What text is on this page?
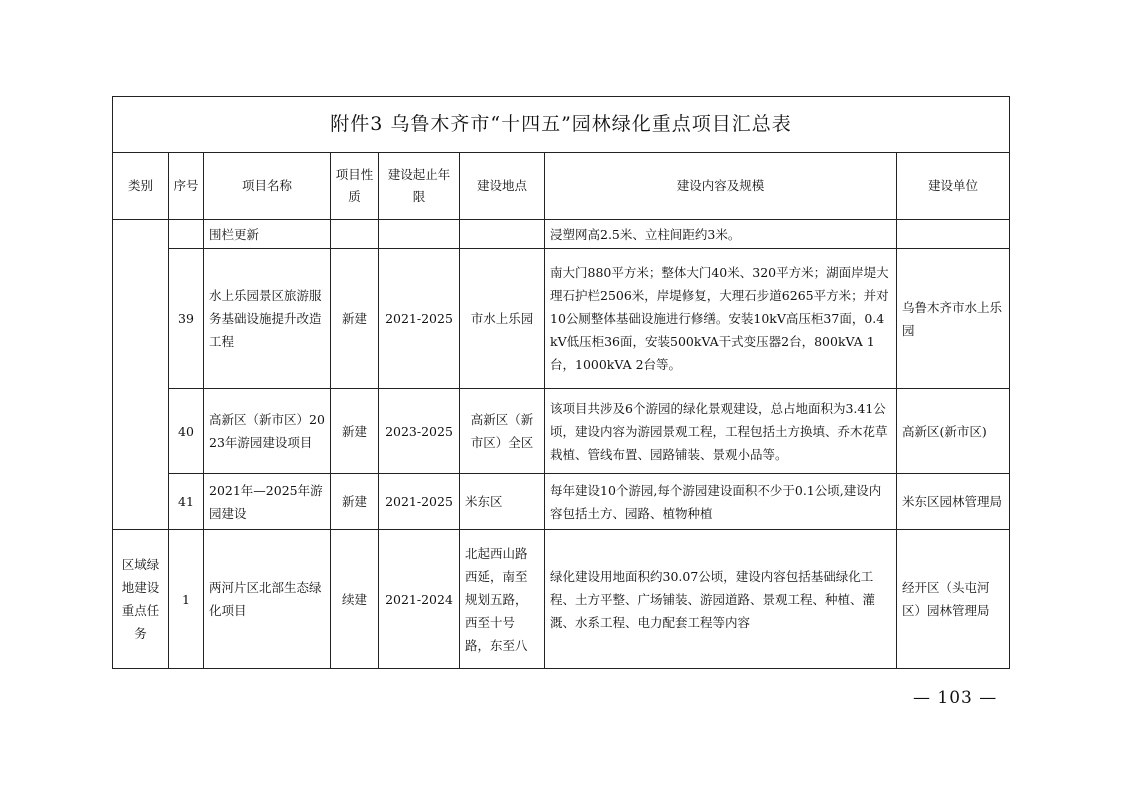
附件3 乌鲁木齐市“十四五”园林绿化重点项目汇总表							
类别	序号	项目名称	项目性质	建设起止年限	建设地点	建设内容及规模	建设单位
		围栏更新				浸塑网高2.5米、立柱间距约3米。	
	39	水上乐园景区旅游服务基础设施提升改造工程	新建	2021-2025	市水上乐园	南大门880平方米；整体大门40米、320平方米；湖面岸堤大理石护栏2506米，岸堤修复，大理石步道6265平方米；并对10公厕整体基础设施进行修缮。安装10kV高压柜37面，0.4kV低压柜36面，安装500kVA干式变压器2台，800kVA 1台，1000kVA 2台等。	乌鲁木齐市水上乐园
	40	高新区（新市区）2023年游园建设项目	新建	2023-2025	高新区（新市区）全区	该项目共涉及6个游园的绿化景观建设，总占地面积为3.41公顷，建设内容为游园景观工程，工程包括土方换填、乔木花草栽植、管线布置、园路铺装、景观小品等。	高新区(新市区)
	41	2021年—2025年游园建设	新建	2021-2025	米东区	每年建设10个游园,每个游园建设面积不少于0.1公顷,建设内容包括土方、园路、植物种植	米东区园林管理局
区域绿地建设重点任务	1	两河片区北部生态绿化项目	续建	2021-2024	北起西山路西延，南至规划五路，西至十号路，东至八	绿化建设用地面积约30.07公顷，建设内容包括基础绿化工程、土方平整、广场铺装、游园道路、景观工程、种植、灌溉、水系工程、电力配套工程等内容	经开区（头屯河区）园林管理局
— 103 —
